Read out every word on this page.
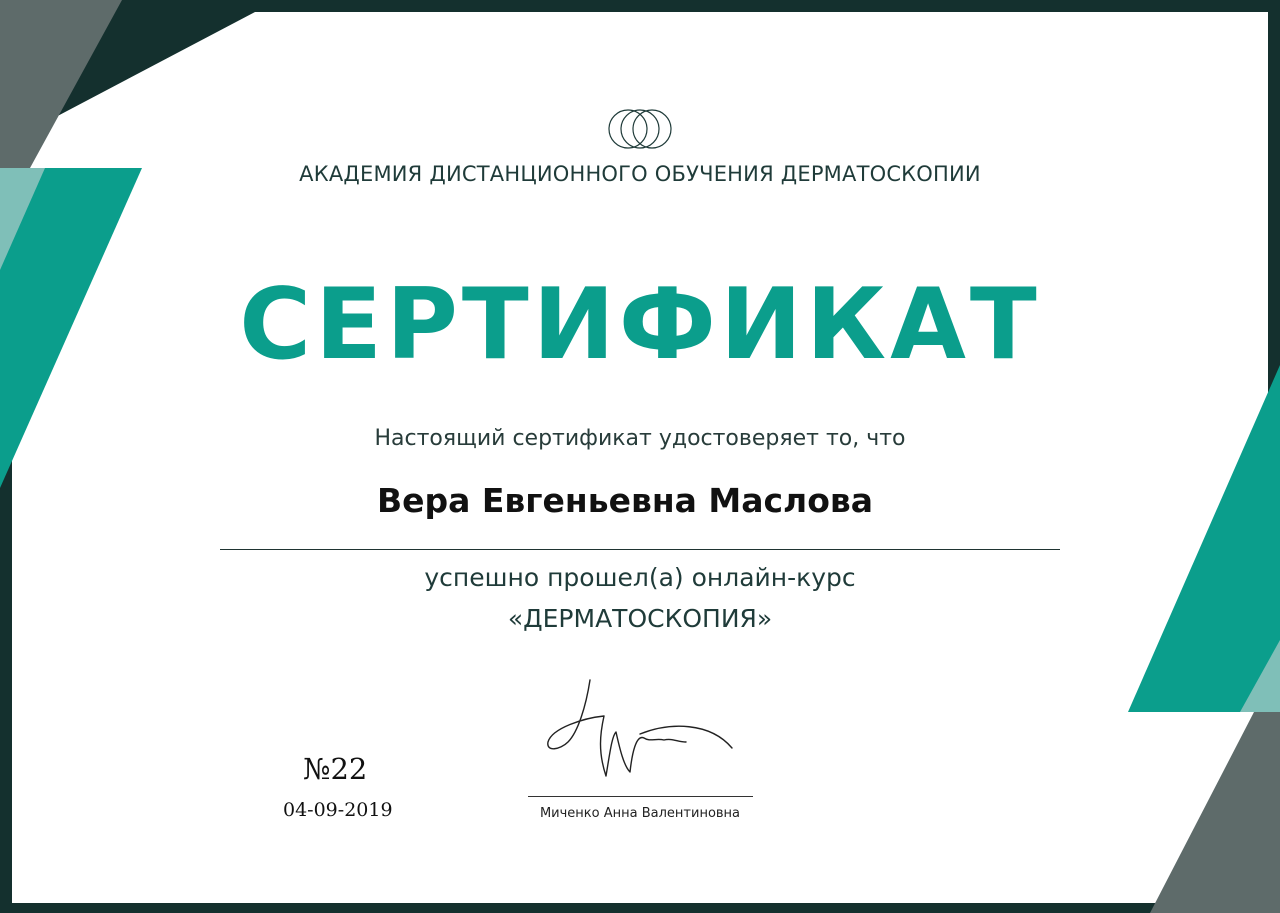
АКАДЕМИЯ ДИСТАНЦИОННОГО ОБУЧЕНИЯ ДЕРМАТОСКОПИИ
СЕРТИФИКАТ
Настоящий сертификат удостоверяет то, что
Вера Евгеньевна Маслова
успешно прошел(а) онлайн-курс
«ДЕРМАТОСКОПИЯ»
№22
04-09-2019	Миченко Анна Валентиновна
